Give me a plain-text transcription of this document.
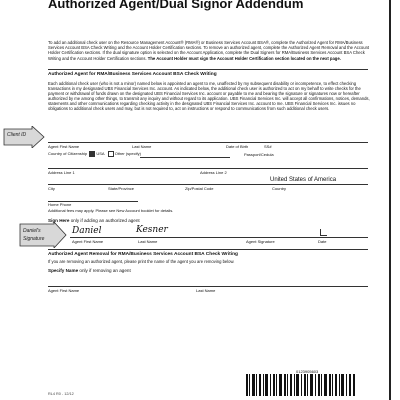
Authorized Agent/Dual Signor Addendum
To add an additional check user on the Resource Management Account® (RMA®) or Business Services Account BSA®, complete the Authorized Agent for RMA/Business Services Account BSA Check Writing and the Account Holder Certification sections. To remove an authorized agent, complete the Authorized Agent Removal and the Account Holder Certification sections. If the dual signature option is selected on the Account Application, complete the Dual Signers for RMA/Business Services Account BSA Check Writing and the Account Holder Certification sections. The Account Holder must sign the Account Holder Certification section located on the next page.
Authorized Agent for RMA/Business Services Account BSA Check Writing
Each additional check user (who is not a minor) named below is appointed an agent to me, unaffected by my subsequent disability or incompetence, to effect checking transactions in my designated UBS Financial Services Inc. account. As indicated below, the additional check user is authorized to act on my behalf to write checks for the payment or withdrawal of funds drawn on the designated UBS Financial Services Inc. account or payable to me and bearing the signature or signatures now or hereafter authorized by me among other things, to transmit any inquiry and without regard to its application. UBS Financial Services Inc. will accept all confirmations, notices, demands, statements and other communications regarding checking activity in the designated UBS Financial Services Inc. account to me. UBS Financial Services Inc. issues no obligations to additional check users and may, but is not required to, act on instructions or respond to communications from such additional check users.
Client ID
Agent First Name	Last Name	Date of Birth	SS#
Country of Citizenship USA	Other (specify)	Passport/Cedula
Address Line 1	Address Line 2
United States of America
City	State/Province	Zip/Postal Code	Country
Home Phone
Additional fees may apply. Please see New Account booklet for details.
Sign Here only if adding an authorized agent
Daniel's
Signature
Daniel	Kesner
Agent First Name	Last Name	Agent Signature	Date
Authorized Agent Removal for RMA/Business Services Account BSA Check Writing
If you are removing an authorized agent, please print the name of the agent you are removing below.
Specify Name only if removing an agent
Agent First Name	Last Name
0123905603
RL4 R0 - 12/12
